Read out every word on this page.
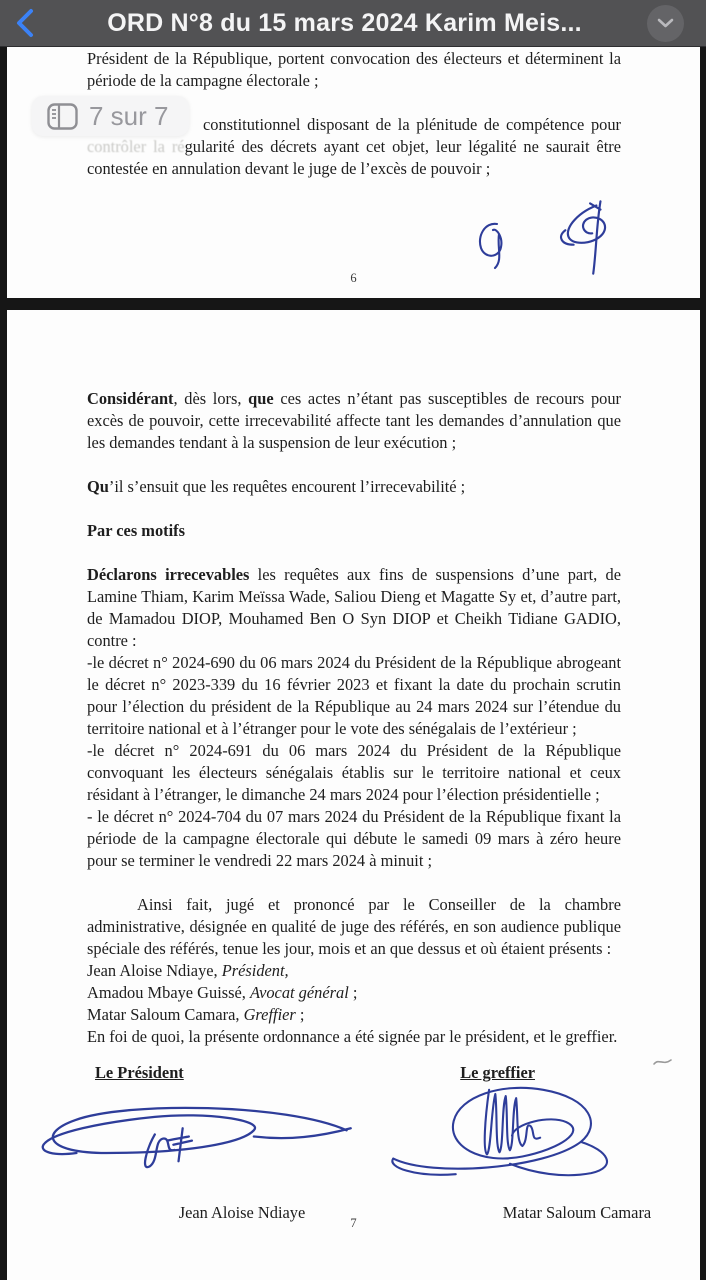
ORD N°8 du 15 mars 2024 Karim Meis...
Président de la République, portent convocation des électeurs et déterminent la
période de la campagne électorale ;
constitutionnel disposant de la plénitude de compétence pour
contrôler la régularité des décrets ayant cet objet, leur légalité ne saurait être
contestée en annulation devant le juge de l’excès de pouvoir ;
6
Considérant, dès lors, que ces actes n’étant pas susceptibles de recours pour excès de pouvoir, cette irrecevabilité affecte tant les demandes d’annulation que les demandes tendant à la suspension de leur exécution ;
Qu’il s’ensuit que les requêtes encourent l’irrecevabilité ;
Par ces motifs
Déclarons irrecevables les requêtes aux fins de suspensions d’une part, de Lamine Thiam, Karim Meïssa Wade, Saliou Dieng et Magatte Sy et, d’autre part, de Mamadou DIOP, Mouhamed Ben O Syn DIOP et Cheikh Tidiane GADIO, contre :
-le décret n° 2024-690 du 06 mars 2024 du Président de la République abrogeant le décret n° 2023-339 du 16 février 2023 et fixant la date du prochain scrutin pour l’élection du président de la République au 24 mars 2024 sur l’étendue du territoire national et à l’étranger pour le vote des sénégalais de l’extérieur ;
-le décret n° 2024-691 du 06 mars 2024 du Président de la République convoquant les électeurs sénégalais établis sur le territoire national et ceux résidant à l’étranger, le dimanche 24 mars 2024 pour l’élection présidentielle ;
- le décret n° 2024-704 du 07 mars 2024 du Président de la République fixant la période de la campagne électorale qui débute le samedi 09 mars à zéro heure pour se terminer le vendredi 22 mars 2024 à minuit ;
Ainsi fait, jugé et prononcé par le Conseiller de la chambre administrative, désignée en qualité de juge des référés, en son audience publique spéciale des référés, tenue les jour, mois et an que dessus et où étaient présents :
Jean Aloise Ndiaye, Président,
Amadou Mbaye Guissé, Avocat général ;
Matar Saloum Camara, Greffier ;
En foi de quoi, la présente ordonnance a été signée par le président, et le greffier.
Le Président	Le greffier
Jean Aloise Ndiaye	Matar Saloum Camara
7
7 sur 7
